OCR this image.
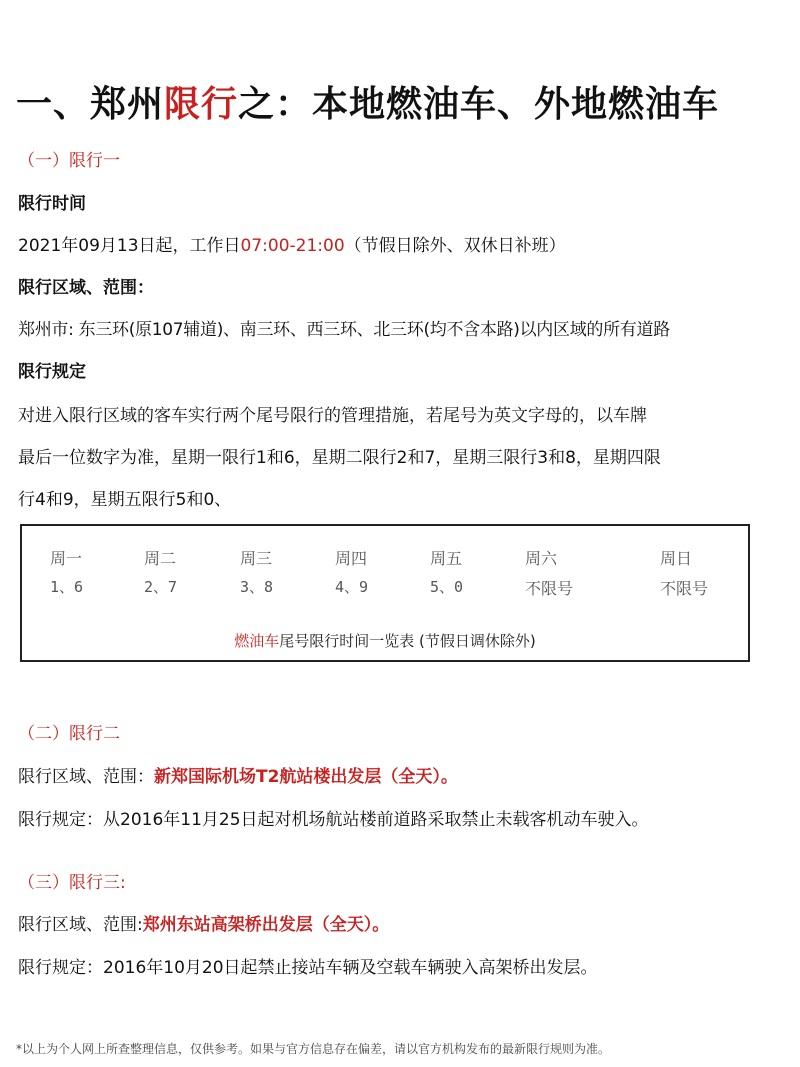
一、郑州限行之：本地燃油车、外地燃油车
（一）限行一
限行时间
2021年09月13日起，工作日07:00-21:00（节假日除外、双休日补班）
限行区域、范围：
郑州市: 东三环(原107辅道)、南三环、西三环、北三环(均不含本路)以内区域的所有道路
限行规定
对进入限行区域的客车实行两个尾号限行的管理措施，若尾号为英文字母的，以车牌
最后一位数字为准，星期一限行1和6，星期二限行2和7，星期三限行3和8，星期四限
行4和9，星期五限行5和0、
周一	周二	周三	周四	周五	周六	周日
1、6	2、7	3、8	4、9	5、0	不限号	不限号
燃油车尾号限行时间一览表 (节假日调休除外)
（二）限行二
限行区域、范围：新郑国际机场T2航站楼出发层（全天）。
限行规定：从2016年11月25日起对机场航站楼前道路采取禁止未载客机动车驶入。
（三）限行三:
限行区域、范围:郑州东站高架桥出发层（全天）。
限行规定：2016年10月20日起禁止接站车辆及空载车辆驶入高架桥出发层。
*以上为个人网上所查整理信息，仅供参考。如果与官方信息存在偏差，请以官方机构发布的最新限行规则为准。
